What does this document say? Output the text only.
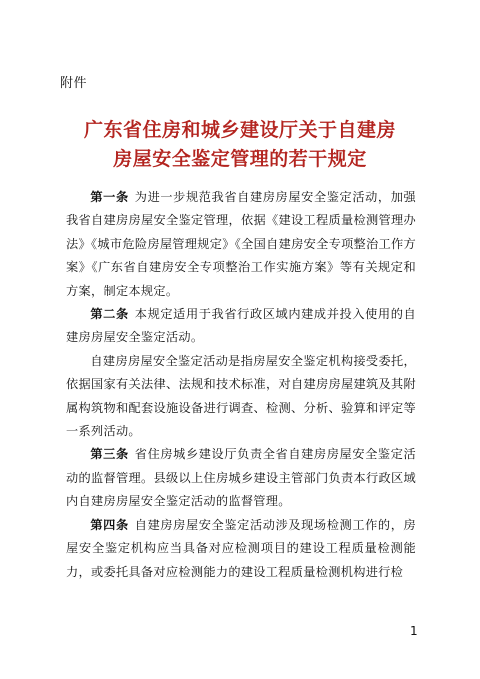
附件
广东省住房和城乡建设厅关于自建房
房屋安全鉴定管理的若干规定

第一条 为进一步规范我省自建房房屋安全鉴定活动，加强我省自建房房屋安全鉴定管理，依据《建设工程质量检测管理办法》《城市危险房屋管理规定》《全国自建房安全专项整治工作方案》《广东省自建房安全专项整治工作实施方案》等有关规定和方案，制定本规定。

第二条 本规定适用于我省行政区域内建成并投入使用的自建房房屋安全鉴定活动。

自建房房屋安全鉴定活动是指房屋安全鉴定机构接受委托，依据国家有关法律、法规和技术标准，对自建房房屋建筑及其附属构筑物和配套设施设备进行调查、检测、分析、验算和评定等一系列活动。

第三条 省住房城乡建设厅负责全省自建房房屋安全鉴定活动的监督管理。县级以上住房城乡建设主管部门负责本行政区域内自建房房屋安全鉴定活动的监督管理。

第四条 自建房房屋安全鉴定活动涉及现场检测工作的，房屋安全鉴定机构应当具备对应检测项目的建设工程质量检测能力，或委托具备对应检测能力的建设工程质量检测机构进行检

1
